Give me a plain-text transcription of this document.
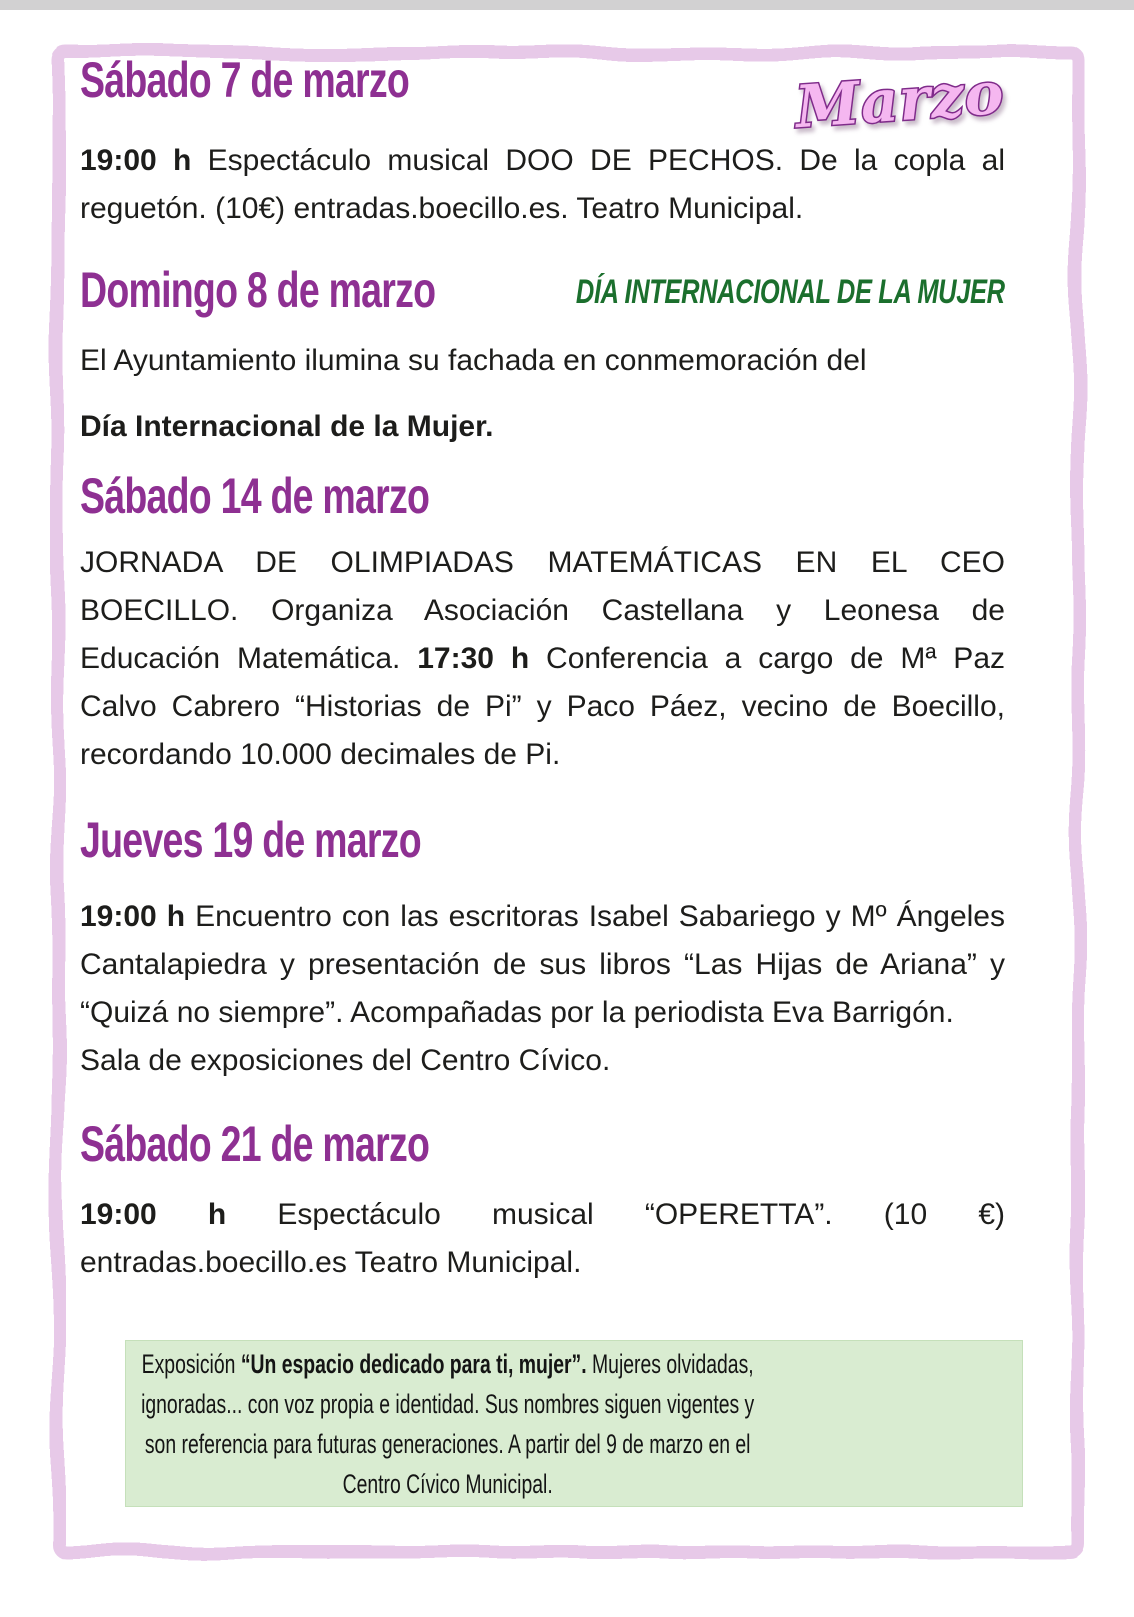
Marzo
Sábado 7 de marzo

19:00 h Espectáculo musical DOO DE PECHOS. De la copla al reguetón. (10€) entradas.boecillo.es. Teatro Municipal.

Domingo 8 de marzo	DÍA INTERNACIONAL DE LA MUJER

El Ayuntamiento ilumina su fachada en conmemoración del

Día Internacional de la Mujer.

Sábado 14 de marzo

JORNADA DE OLIMPIADAS MATEMÁTICAS EN EL CEO BOECILLO. Organiza Asociación Castellana y Leonesa de Educación Matemática. 17:30 h Conferencia a cargo de Mª Paz Calvo Cabrero “Historias de Pi” y Paco Páez, vecino de Boecillo, recordando 10.000 decimales de Pi.

Jueves 19 de marzo

19:00 h Encuentro con las escritoras Isabel Sabariego y Mº Ángeles Cantalapiedra y presentación de sus libros “Las Hijas de Ariana” y “Quizá no siempre”. Acompañadas por la periodista Eva Barrigón.

Sala de exposiciones del Centro Cívico.

Sábado 21 de marzo

19:00 h Espectáculo musical “OPERETTA”. (10 €) entradas.boecillo.es Teatro Municipal.

Exposición “Un espacio dedicado para ti, mujer”. Mujeres olvidadas, ignoradas... con voz propia e identidad. Sus nombres siguen vigentes y son referencia para futuras generaciones. A partir del 9 de marzo en el Centro Cívico Municipal.
